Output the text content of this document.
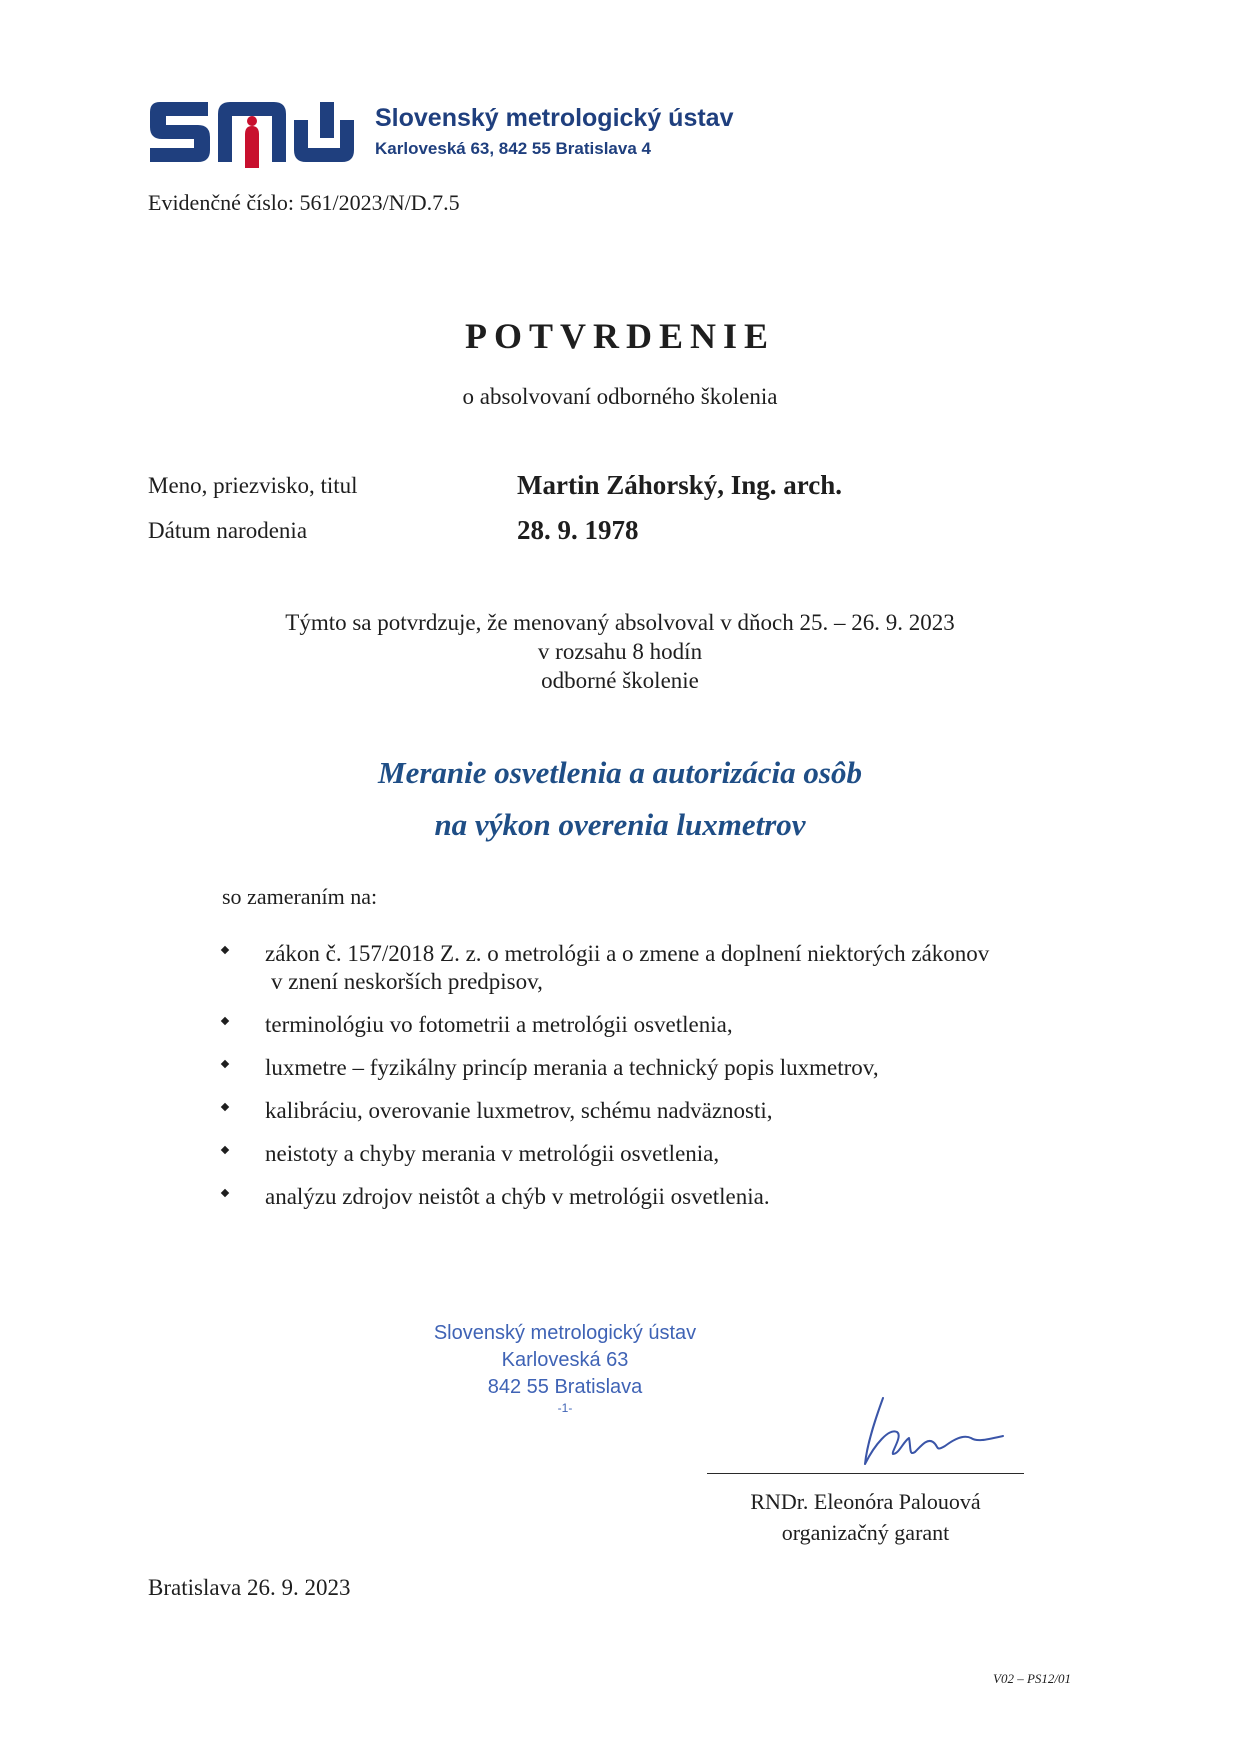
Slovenský metrologický ústav
Karloveská 63, 842 55 Bratislava 4
Evidenčné číslo: 561/2023/N/D.7.5
POTVRDENIE
o absolvovaní odborného školenia
Meno, priezvisko, titul	Martin Záhorský, Ing. arch.
Dátum narodenia	28. 9. 1978
Týmto sa potvrdzuje, že menovaný absolvoval v dňoch 25. – 26. 9. 2023
v rozsahu 8 hodín
odborné školenie
Meranie osvetlenia a autorizácia osôb
na výkon overenia luxmetrov
so zameraním na:
zákon č. 157/2018 Z. z. o metrológii a o zmene a doplnení niektorých zákonov
v znení neskorších predpisov,
terminológiu vo fotometrii a metrológii osvetlenia,
luxmetre – fyzikálny princíp merania a technický popis luxmetrov,
kalibráciu, overovanie luxmetrov, schému nadväznosti,
neistoty a chyby merania v metrológii osvetlenia,
analýzu zdrojov neistôt a chýb v metrológii osvetlenia.
Slovenský metrologický ústav
Karloveská 63
842 55 Bratislava
-1-
RNDr. Eleonóra Palouová
organizačný garant
Bratislava 26. 9. 2023
V02 – PS12/01
